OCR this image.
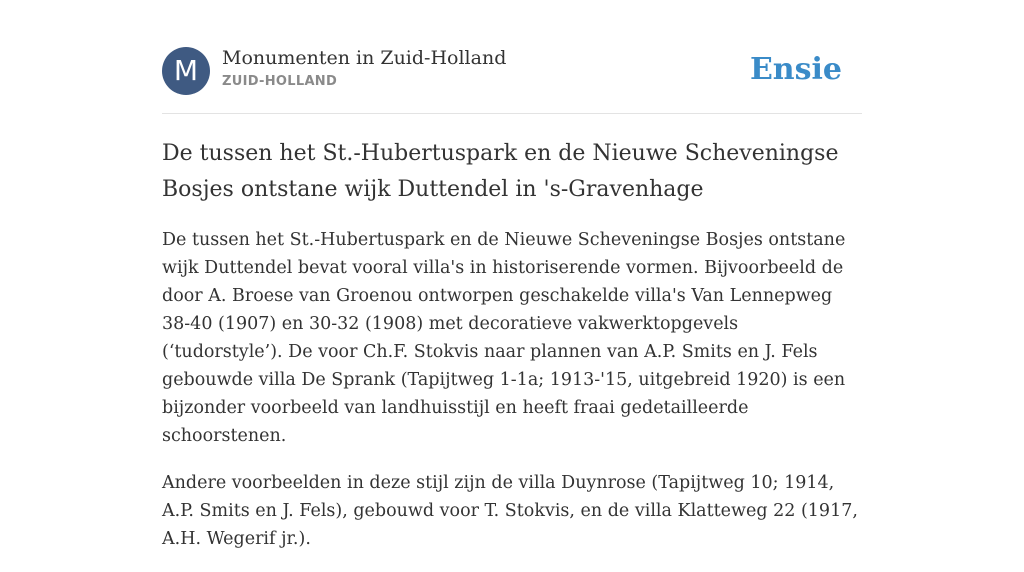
M	Monumenten in Zuid-Holland
ZUID-HOLLAND	Ensie
De tussen het St.-Hubertuspark en de Nieuwe Scheveningse Bosjes ontstane wijk Duttendel in 's-Gravenhage

De tussen het St.-Hubertuspark en de Nieuwe Scheveningse Bosjes ontstane wijk Duttendel bevat vooral villa's in historiserende vormen. Bijvoorbeeld de door A. Broese van Groenou ontworpen geschakelde villa's Van Lennepweg 38-40 (1907) en 30-32 (1908) met decoratieve vakwerktopgevels (‘tudorstyle’). De voor Ch.F. Stokvis naar plannen van A.P. Smits en J. Fels gebouwde villa De Sprank (Tapijtweg 1-1a; 1913-'15, uitgebreid 1920) is een bijzonder voorbeeld van landhuisstijl en heeft fraai gedetailleerde schoorstenen.

Andere voorbeelden in deze stijl zijn de villa Duynrose (Tapijtweg 10; 1914, A.P. Smits en J. Fels), gebouwd voor T. Stokvis, en de villa Klatteweg 22 (1917, A.H. Wegerif jr.).
